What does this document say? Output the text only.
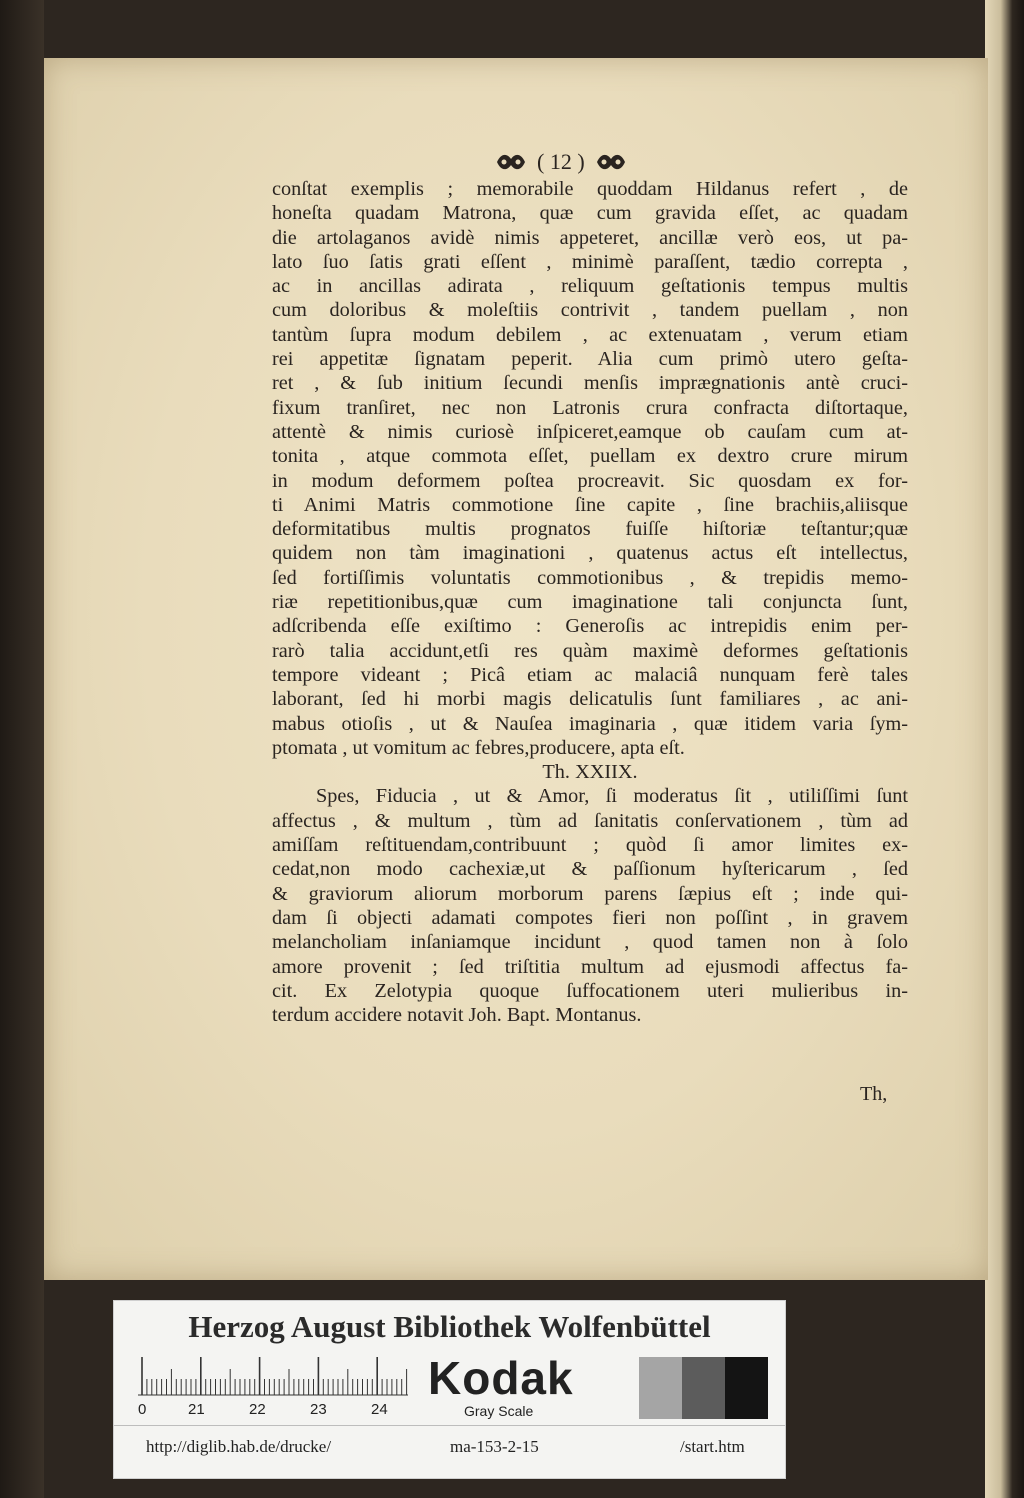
( 12 )
conſtat exemplis ; memorabile quoddam Hildanus refert , de
honeſta quadam Matrona, quæ cum gravida eſſet, ac quadam
die artolaganos avidè nimis appeteret, ancillæ verò eos, ut pa-
lato ſuo ſatis grati eſſent , minimè paraſſent, tædio correpta ,
ac in ancillas adirata , reliquum geſtationis tempus multis
cum doloribus & moleſtiis contrivit , tandem puellam , non
tantùm ſupra modum debilem , ac extenuatam , verum etiam
rei appetitæ ſignatam peperit. Alia cum primò utero geſta-
ret , & ſub initium ſecundi menſis imprægnationis antè cruci-
fixum tranſiret, nec non Latronis crura confracta diſtortaque,
attentè & nimis curiosè inſpiceret,eamque ob cauſam cum at-
tonita , atque commota eſſet, puellam ex dextro crure mirum
in modum deformem poſtea procreavit. Sic quosdam ex for-
ti Animi Matris commotione ſine capite , ſine brachiis,aliisque
deformitatibus multis prognatos fuiſſe hiſtoriæ teſtantur;quæ
quidem non tàm imaginationi , quatenus actus eſt intellectus,
ſed fortiſſimis voluntatis commotionibus , & trepidis memo-
riæ repetitionibus,quæ cum imaginatione tali conjuncta ſunt,
adſcribenda eſſe exiſtimo : Generoſis ac intrepidis enim per-
rarò talia accidunt,etſi res quàm maximè deformes geſtationis
tempore videant ; Picâ etiam ac malaciâ nunquam ferè tales
laborant, ſed hi morbi magis delicatulis ſunt familiares , ac ani-
mabus otioſis , ut & Nauſea imaginaria , quæ itidem varia ſym-
ptomata , ut vomitum ac febres,producere, apta eſt.
Th. XXIIX.
Spes, Fiducia , ut & Amor, ſi moderatus ſit , utiliſſimi ſunt
affectus , & multum , tùm ad ſanitatis conſervationem , tùm ad
amiſſam reſtituendam,contribuunt ; quòd ſi amor limites ex-
cedat,non modo cachexiæ,ut & paſſionum hyſtericarum , ſed
& graviorum aliorum morborum parens ſæpius eſt ; inde qui-
dam ſi objecti adamati compotes fieri non poſſint , in gravem
melancholiam inſaniamque incidunt , quod tamen non à ſolo
amore provenit ; ſed triſtitia multum ad ejusmodi affectus fa-
cit. Ex Zelotypia quoque ſuffocationem uteri mulieribus in-
terdum accidere notavit Joh. Bapt. Montanus.
Th,
Herzog August Bibliothek Wolfenbüttel
0	21	22	23	24
Kodak
Gray Scale
http://diglib.hab.de/drucke/	ma-153-2-15	/start.htm
